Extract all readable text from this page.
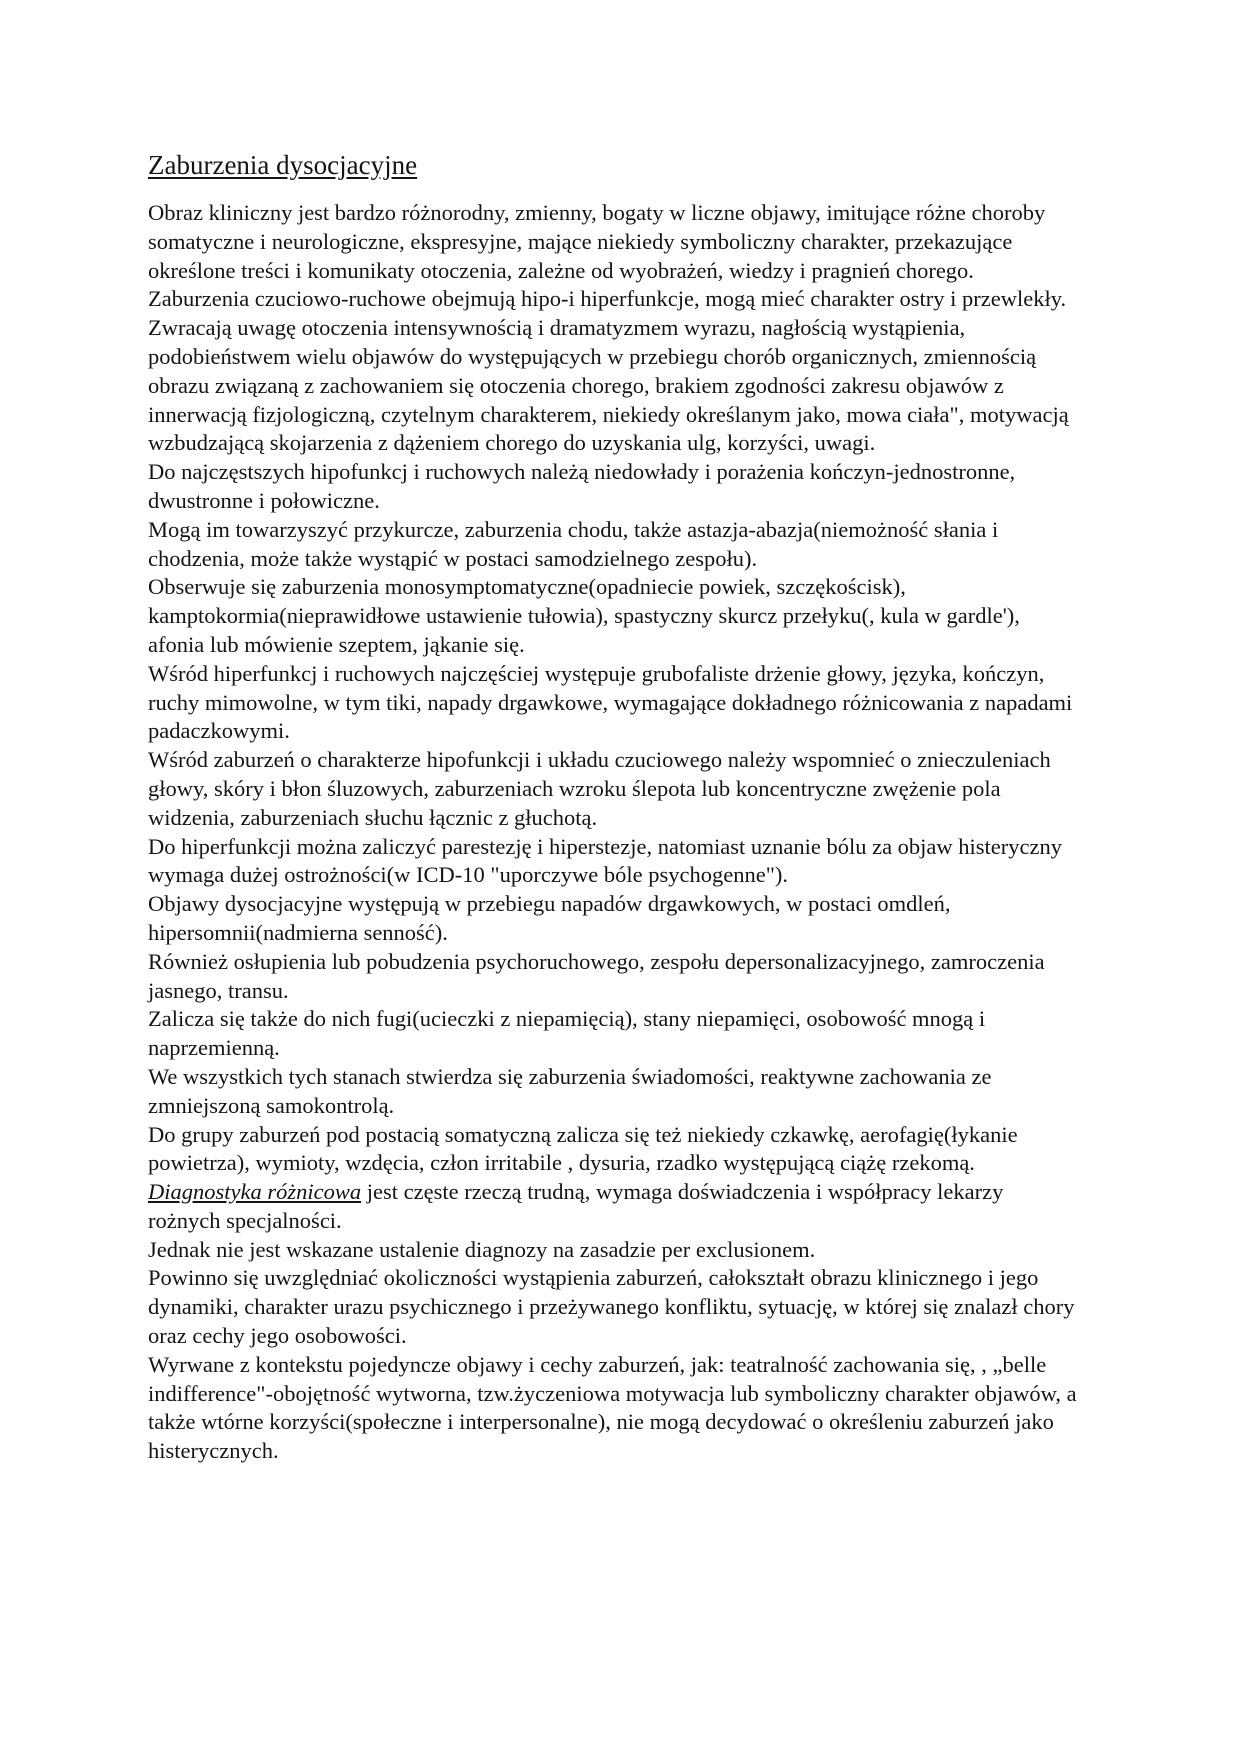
Zaburzenia dysocjacyjne

Obraz kliniczny jest bardzo różnorodny, zmienny, bogaty w liczne objawy, imitujące różne choroby somatyczne i neurologiczne, ekspresyjne, mające niekiedy symboliczny charakter, przekazujące określone treści i komunikaty otoczenia, zależne od wyobrażeń, wiedzy i pragnień chorego.

Zaburzenia czuciowo-ruchowe obejmują hipo-i hiperfunkcje, mogą mieć charakter ostry i przewlekły.

Zwracają uwagę otoczenia intensywnością i dramatyzmem wyrazu, nagłością wystąpienia, podobieństwem wielu objawów do występujących w przebiegu chorób organicznych, zmiennością obrazu związaną z zachowaniem się otoczenia chorego, brakiem zgodności zakresu objawów z innerwacją fizjologiczną, czytelnym charakterem, niekiedy określanym jako, mowa ciała", motywacją wzbudzającą skojarzenia z dążeniem chorego do uzyskania ulg, korzyści, uwagi.

Do najczęstszych hipofunkcj i ruchowych należą niedowłady i porażenia kończyn-jednostronne, dwustronne i połowiczne.

Mogą im towarzyszyć przykurcze, zaburzenia chodu, także astazja-abazja(niemożność słania i chodzenia, może także wystąpić w postaci samodzielnego zespołu).

Obserwuje się zaburzenia monosymptomatyczne(opadniecie powiek, szczękościsk), kamptokormia(nieprawidłowe ustawienie tułowia), spastyczny skurcz przełyku(, kula w gardle'), afonia lub mówienie szeptem, jąkanie się.

Wśród hiperfunkcj i ruchowych najczęściej występuje grubofaliste drżenie głowy, języka, kończyn, ruchy mimowolne, w tym tiki, napady drgawkowe, wymagające dokładnego różnicowania z napadami padaczkowymi.

Wśród zaburzeń o charakterze hipofunkcji i układu czuciowego należy wspomnieć o znieczuleniach głowy, skóry i błon śluzowych, zaburzeniach wzroku ślepota lub koncentryczne zwężenie pola widzenia, zaburzeniach słuchu łącznic z głuchotą.

Do hiperfunkcji można zaliczyć parestezję i hiperstezje, natomiast uznanie bólu za objaw histeryczny wymaga dużej ostrożności(w ICD-10 "uporczywe bóle psychogenne").

Objawy dysocjacyjne występują w przebiegu napadów drgawkowych, w postaci omdleń, hipersomnii(nadmierna senność).

Również osłupienia lub pobudzenia psychoruchowego, zespołu depersonalizacyjnego, zamroczenia jasnego, transu.

Zalicza się także do nich fugi(ucieczki z niepamięcią), stany niepamięci, osobowość mnogą i naprzemienną.

We wszystkich tych stanach stwierdza się zaburzenia świadomości, reaktywne zachowania ze zmniejszoną samokontrolą.

Do grupy zaburzeń pod postacią somatyczną zalicza się też niekiedy czkawkę, aerofagię(łykanie powietrza), wymioty, wzdęcia, człon irritabile , dysuria, rzadko występującą ciążę rzekomą.

Diagnostyka różnicowa jest częste rzeczą trudną, wymaga doświadczenia i współpracy lekarzy rożnych specjalności.

Jednak nie jest wskazane ustalenie diagnozy na zasadzie per exclusionem.

Powinno się uwzględniać okoliczności wystąpienia zaburzeń, całokształt obrazu klinicznego i jego dynamiki, charakter urazu psychicznego i przeżywanego konfliktu, sytuację, w której się znalazł chory oraz cechy jego osobowości.

Wyrwane z kontekstu pojedyncze objawy i cechy zaburzeń, jak: teatralność zachowania się, , „belle indifference"-obojętność wytworna, tzw.życzeniowa motywacja lub symboliczny charakter objawów, a także wtórne korzyści(społeczne i interpersonalne), nie mogą decydować o określeniu zaburzeń jako histerycznych.
